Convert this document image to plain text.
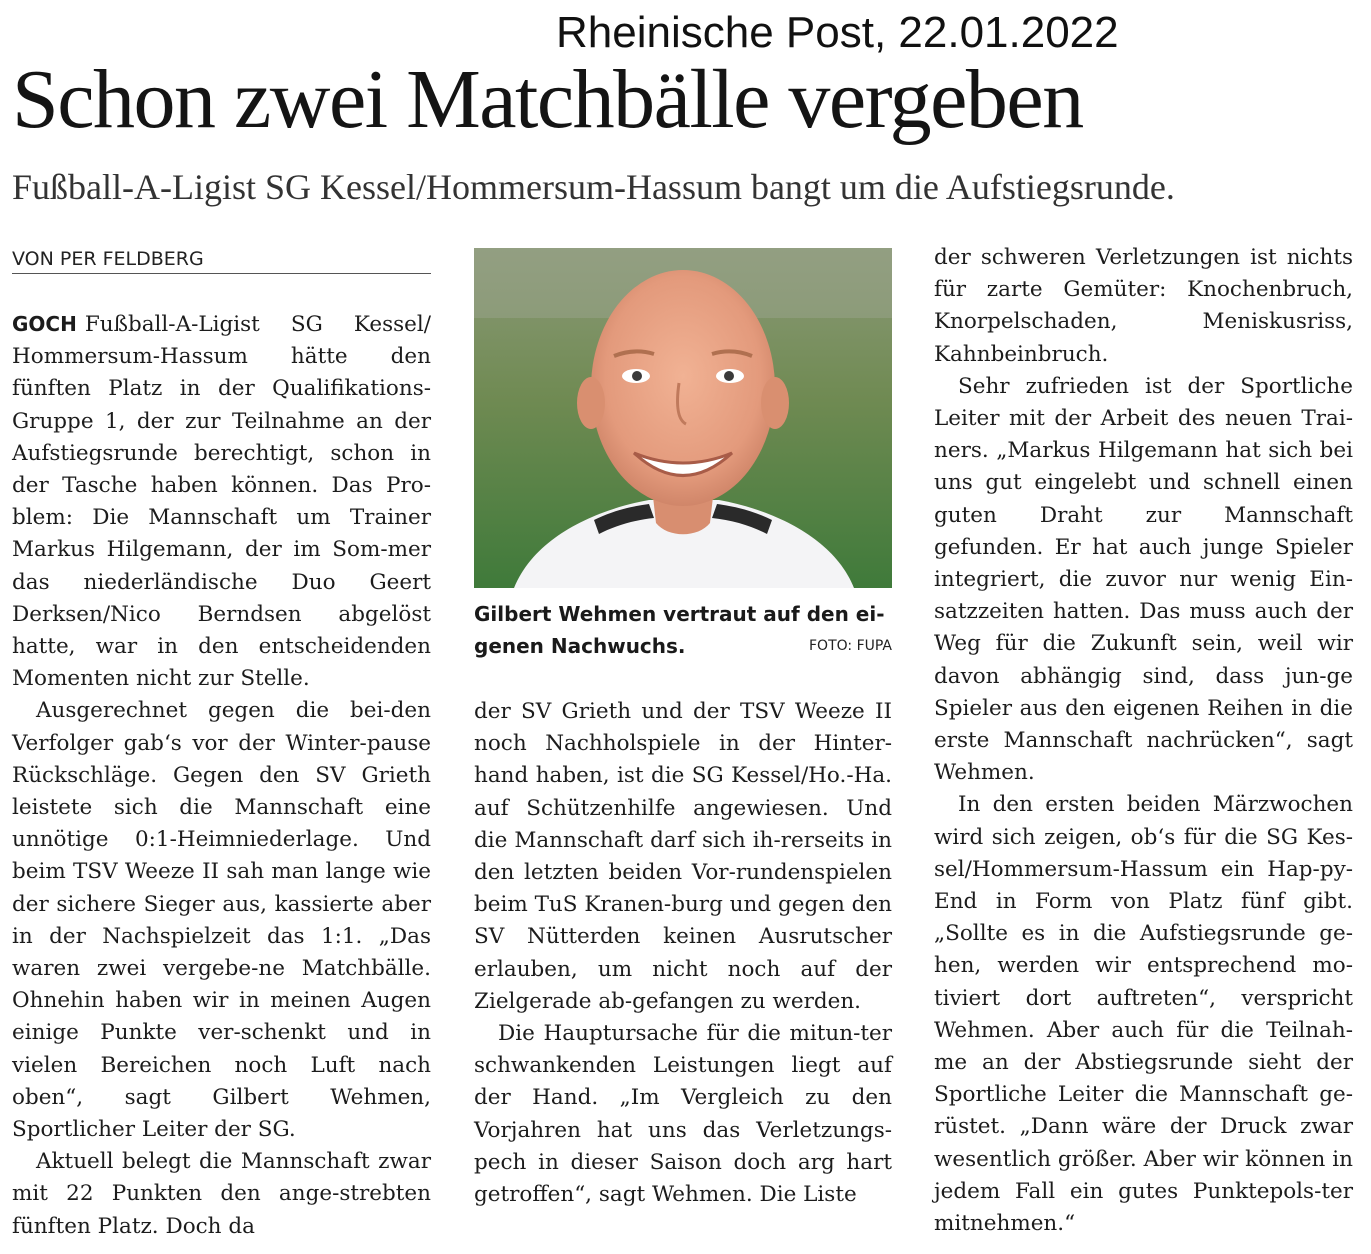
Rheinische Post, 22.01.2022
Schon zwei Matchbälle vergeben

Fußball-A-Ligist SG Kessel/Hommersum-Hassum bangt um die Aufstiegsrunde.

VON PER FELDBERG

GOCH Fußball-A-Ligist SG Kessel/ Hommersum-Hassum hätte den fünften Platz in der Qualifikations-Gruppe 1, der zur Teilnahme an der Aufstiegsrunde berechtigt, schon in der Tasche haben können. Das Pro-blem: Die Mannschaft um Trainer Markus Hilgemann, der im Som-mer das niederländische Duo Geert Derksen/Nico Berndsen abgelöst hatte, war in den entscheidenden Momenten nicht zur Stelle.

Ausgerechnet gegen die bei-den Verfolger gab‘s vor der Winter-pause Rückschläge. Gegen den SV Grieth leistete sich die Mannschaft eine unnötige 0:1-Heimniederlage. Und beim TSV Weeze II sah man lange wie der sichere Sieger aus, kassierte aber in der Nachspielzeit das 1:1. „Das waren zwei vergebe-ne Matchbälle. Ohnehin haben wir in meinen Augen einige Punkte ver-schenkt und in vielen Bereichen noch Luft nach oben“, sagt Gilbert Wehmen, Sportlicher Leiter der SG.

Aktuell belegt die Mannschaft zwar mit 22 Punkten den ange-strebten fünften Platz. Doch da

Gilbert Wehmen vertraut auf den ei-genen Nachwuchs.	FOTO: FUPA

der SV Grieth und der TSV Weeze II noch Nachholspiele in der Hinter-hand haben, ist die SG Kessel/Ho.-Ha. auf Schützenhilfe angewiesen. Und die Mannschaft darf sich ih-rerseits in den letzten beiden Vor-rundenspielen beim TuS Kranen-burg und gegen den SV Nütterden keinen Ausrutscher erlauben, um nicht noch auf der Zielgerade ab-gefangen zu werden.

Die Hauptursache für die mitun-ter schwankenden Leistungen liegt auf der Hand. „Im Vergleich zu den Vorjahren hat uns das Verletzungs-pech in dieser Saison doch arg hart getroffen“, sagt Wehmen. Die Liste

der schweren Verletzungen ist nichts für zarte Gemüter: Knochenbruch, Knorpelschaden, Meniskusriss, Kahnbeinbruch.

Sehr zufrieden ist der Sportliche Leiter mit der Arbeit des neuen Trai-ners. „Markus Hilgemann hat sich bei uns gut eingelebt und schnell einen guten Draht zur Mannschaft gefunden. Er hat auch junge Spieler integriert, die zuvor nur wenig Ein-satzzeiten hatten. Das muss auch der Weg für die Zukunft sein, weil wir davon abhängig sind, dass jun-ge Spieler aus den eigenen Reihen in die erste Mannschaft nachrücken“, sagt Wehmen.

In den ersten beiden Märzwochen wird sich zeigen, ob‘s für die SG Kes-sel/Hommersum-Hassum ein Hap-py-End in Form von Platz fünf gibt. „Sollte es in die Aufstiegsrunde ge-hen, werden wir entsprechend mo-tiviert dort auftreten“, verspricht Wehmen. Aber auch für die Teilnah-me an der Abstiegsrunde sieht der Sportliche Leiter die Mannschaft ge-rüstet. „Dann wäre der Druck zwar wesentlich größer. Aber wir können in jedem Fall ein gutes Punktepols-ter mitnehmen.“
